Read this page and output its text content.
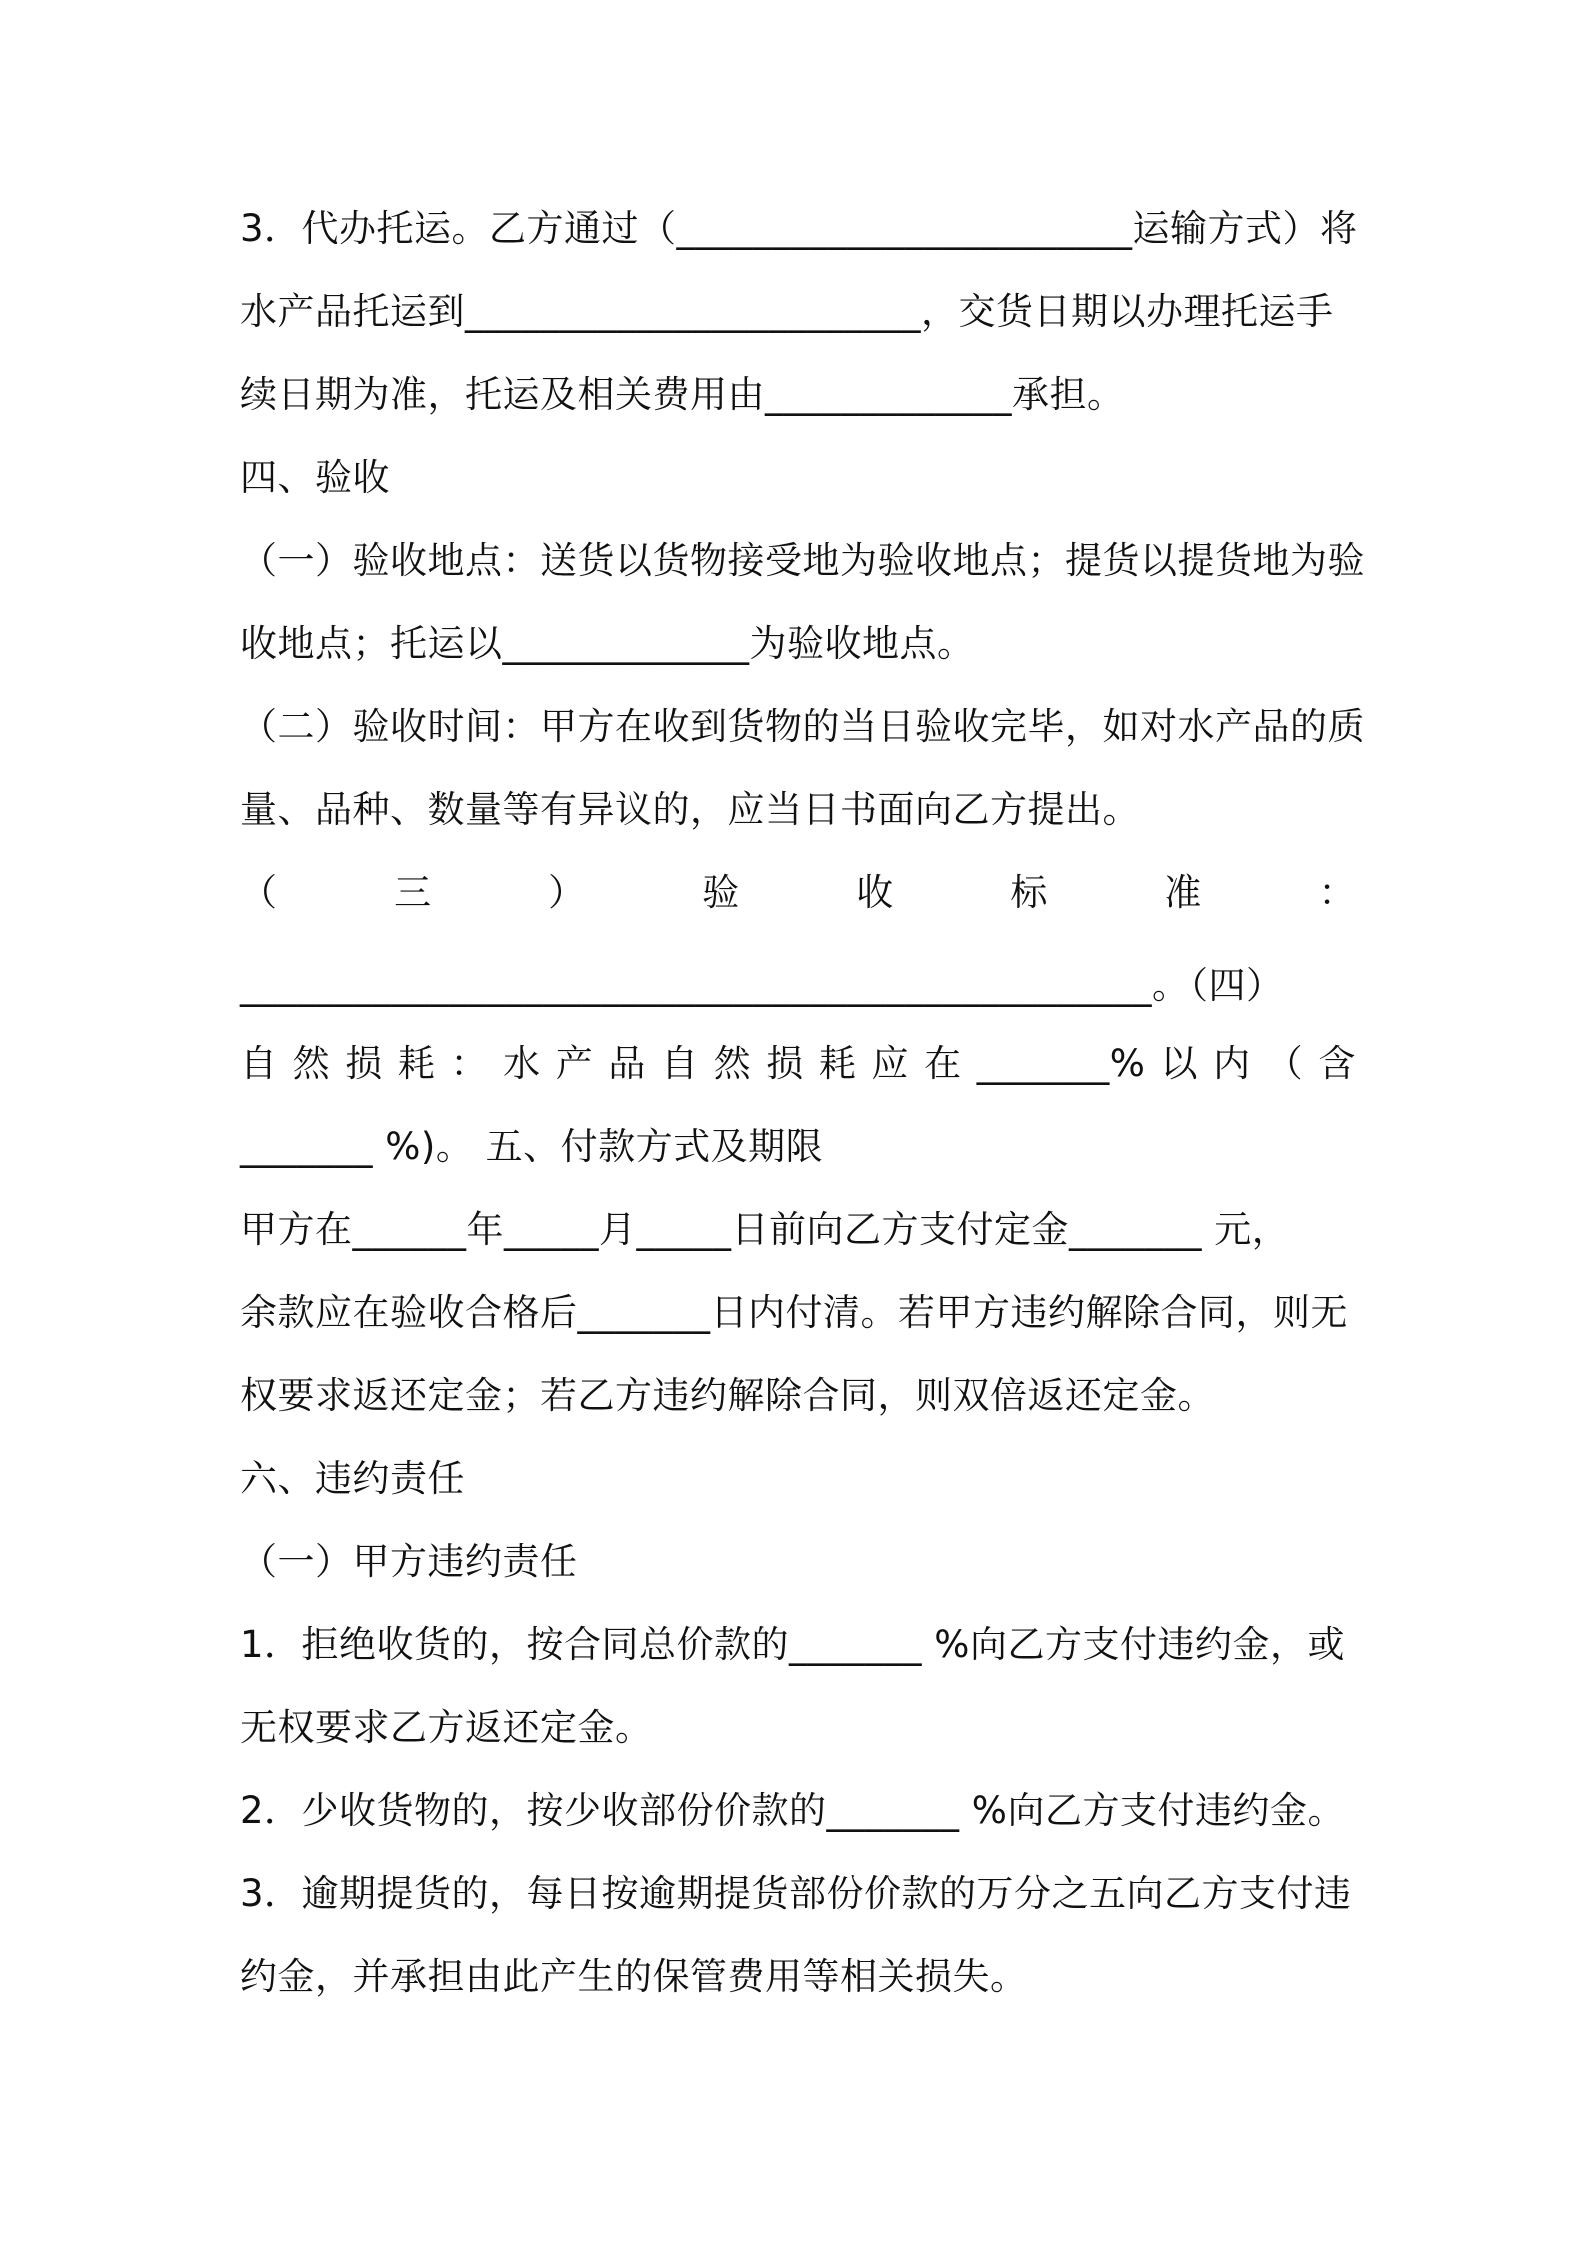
3．代办托运。乙方通过（________________________运输方式）将
水产品托运到________________________，交货日期以办理托运手
续日期为准，托运及相关费用由_____________承担。
四、验收
（一）验收地点：送货以货物接受地为验收地点；提货以提货地为验
收地点；托运以_____________为验收地点。
（二）验收时间：甲方在收到货物的当日验收完毕，如对水产品的质
量、品种、数量等有异议的，应当日书面向乙方提出。
（	三	）	验	收	标	准	：
________________________________________________。（四）
自 然 损 耗 ： 水 产 品 自 然 损 耗 应 在 _______% 以 内 （ 含
_______ %)。 五、付款方式及期限
甲方在______年_____月_____日前向乙方支付定金_______ 元，
余款应在验收合格后_______日内付清。若甲方违约解除合同，则无
权要求返还定金；若乙方违约解除合同，则双倍返还定金。
六、违约责任
（一）甲方违约责任
1．拒绝收货的，按合同总价款的_______ %向乙方支付违约金，或
无权要求乙方返还定金。
2．少收货物的，按少收部份价款的_______ %向乙方支付违约金。
3．逾期提货的，每日按逾期提货部份价款的万分之五向乙方支付违
约金，并承担由此产生的保管费用等相关损失。
